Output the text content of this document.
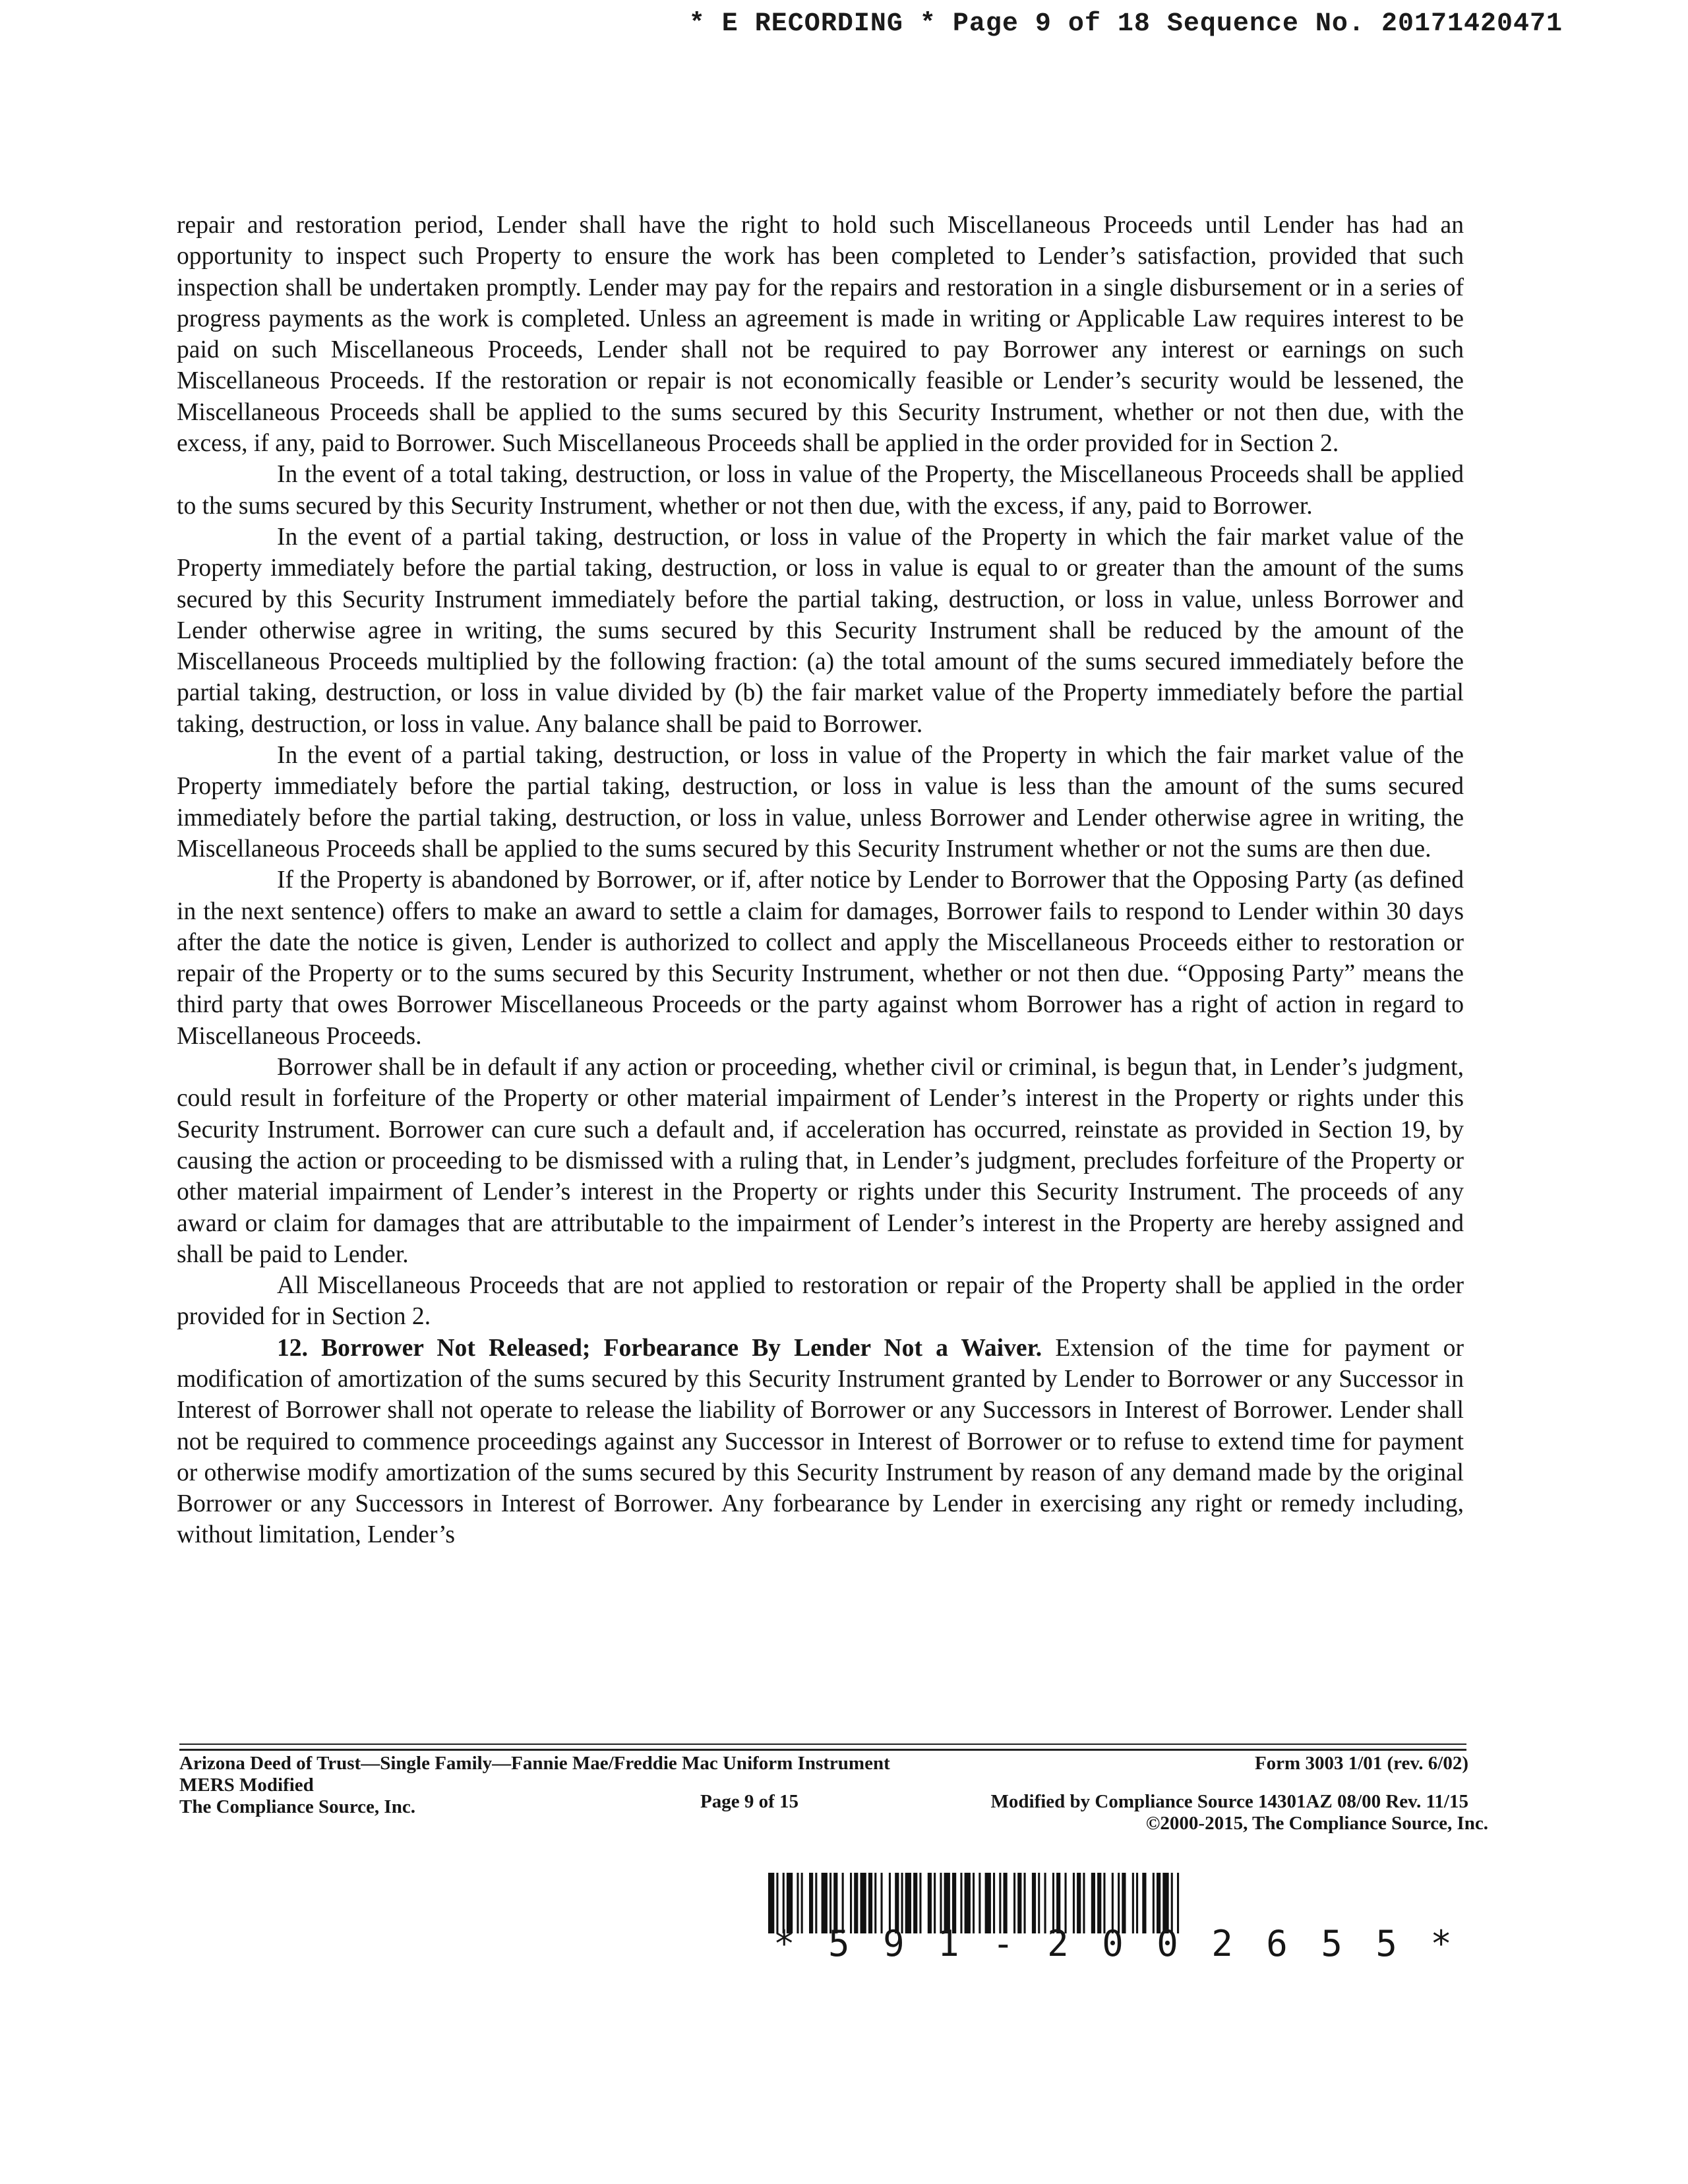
* E RECORDING * Page 9 of 18 Sequence No. 20171420471

repair and restoration period, Lender shall have the right to hold such Miscellaneous Proceeds until Lender has had an opportunity to inspect such Property to ensure the work has been completed to Lender’s satisfaction, provided that such inspection shall be undertaken promptly. Lender may pay for the repairs and restoration in a single disbursement or in a series of progress payments as the work is completed. Unless an agreement is made in writing or Applicable Law requires interest to be paid on such Miscellaneous Proceeds, Lender shall not be required to pay Borrower any interest or earnings on such Miscellaneous Proceeds. If the restoration or repair is not economically feasible or Lender’s security would be lessened, the Miscellaneous Proceeds shall be applied to the sums secured by this Security Instrument, whether or not then due, with the excess, if any, paid to Borrower. Such Miscellaneous Proceeds shall be applied in the order provided for in Section 2.

In the event of a total taking, destruction, or loss in value of the Property, the Miscellaneous Proceeds shall be applied to the sums secured by this Security Instrument, whether or not then due, with the excess, if any, paid to Borrower.

In the event of a partial taking, destruction, or loss in value of the Property in which the fair market value of the Property immediately before the partial taking, destruction, or loss in value is equal to or greater than the amount of the sums secured by this Security Instrument immediately before the partial taking, destruction, or loss in value, unless Borrower and Lender otherwise agree in writing, the sums secured by this Security Instrument shall be reduced by the amount of the Miscellaneous Proceeds multiplied by the following fraction: (a) the total amount of the sums secured immediately before the partial taking, destruction, or loss in value divided by (b) the fair market value of the Property immediately before the partial taking, destruction, or loss in value. Any balance shall be paid to Borrower.

In the event of a partial taking, destruction, or loss in value of the Property in which the fair market value of the Property immediately before the partial taking, destruction, or loss in value is less than the amount of the sums secured immediately before the partial taking, destruction, or loss in value, unless Borrower and Lender otherwise agree in writing, the Miscellaneous Proceeds shall be applied to the sums secured by this Security Instrument whether or not the sums are then due.

If the Property is abandoned by Borrower, or if, after notice by Lender to Borrower that the Opposing Party (as defined in the next sentence) offers to make an award to settle a claim for damages, Borrower fails to respond to Lender within 30 days after the date the notice is given, Lender is authorized to collect and apply the Miscellaneous Proceeds either to restoration or repair of the Property or to the sums secured by this Security Instrument, whether or not then due. “Opposing Party” means the third party that owes Borrower Miscellaneous Proceeds or the party against whom Borrower has a right of action in regard to Miscellaneous Proceeds.

Borrower shall be in default if any action or proceeding, whether civil or criminal, is begun that, in Lender’s judgment, could result in forfeiture of the Property or other material impairment of Lender’s interest in the Property or rights under this Security Instrument. Borrower can cure such a default and, if acceleration has occurred, reinstate as provided in Section 19, by causing the action or proceeding to be dismissed with a ruling that, in Lender’s judgment, precludes forfeiture of the Property or other material impairment of Lender’s interest in the Property or rights under this Security Instrument. The proceeds of any award or claim for damages that are attributable to the impairment of Lender’s interest in the Property are hereby assigned and shall be paid to Lender.

All Miscellaneous Proceeds that are not applied to restoration or repair of the Property shall be applied in the order provided for in Section 2.

12. Borrower Not Released; Forbearance By Lender Not a Waiver. Extension of the time for payment or modification of amortization of the sums secured by this Security Instrument granted by Lender to Borrower or any Successor in Interest of Borrower shall not operate to release the liability of Borrower or any Successors in Interest of Borrower. Lender shall not be required to commence proceedings against any Successor in Interest of Borrower or to refuse to extend time for payment or otherwise modify amortization of the sums secured by this Security Instrument by reason of any demand made by the original Borrower or any Successors in Interest of Borrower. Any forbearance by Lender in exercising any right or remedy including, without limitation, Lender’s

Arizona Deed of Trust—Single Family—Fannie Mae/Freddie Mac Uniform Instrument	Form 3003 1/01 (rev. 6/02)
MERS Modified
The Compliance Source, Inc.	Page 9 of 15	Modified by Compliance Source 14301AZ 08/00 Rev. 11/15
©2000-2015, The Compliance Source, Inc.
* 5 9 1 - 2 0 0 2 6 5 5 *
